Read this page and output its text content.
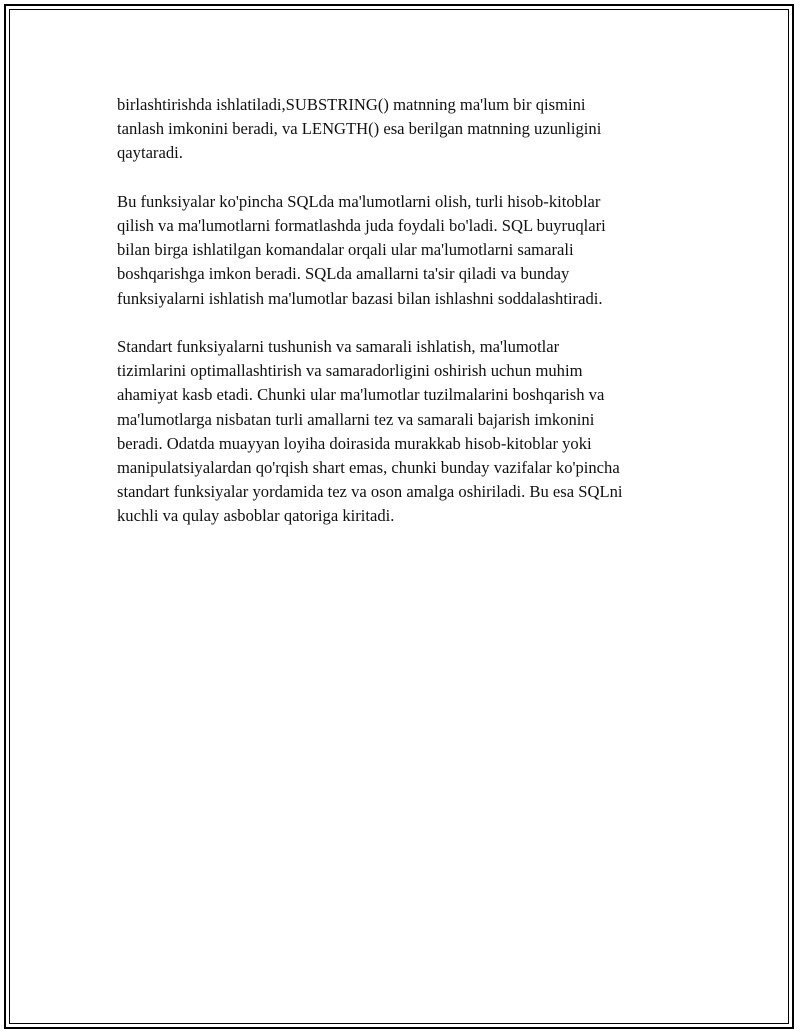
birlashtirishda ishlatiladi,SUBSTRING() matnning ma'lum bir qismini
tanlash imkonini beradi, va LENGTH() esa berilgan matnning uzunligini
qaytaradi.

Bu funksiyalar ko'pincha SQLda ma'lumotlarni olish, turli hisob-kitoblar
qilish va ma'lumotlarni formatlashda juda foydali bo'ladi. SQL buyruqlari
bilan birga ishlatilgan komandalar orqali ular ma'lumotlarni samarali
boshqarishga imkon beradi. SQLda amallarni ta'sir qiladi va bunday
funksiyalarni ishlatish ma'lumotlar bazasi bilan ishlashni soddalashtiradi.

Standart funksiyalarni tushunish va samarali ishlatish, ma'lumotlar
tizimlarini optimallashtirish va samaradorligini oshirish uchun muhim
ahamiyat kasb etadi. Chunki ular ma'lumotlar tuzilmalarini boshqarish va
ma'lumotlarga nisbatan turli amallarni tez va samarali bajarish imkonini
beradi. Odatda muayyan loyiha doirasida murakkab hisob-kitoblar yoki
manipulatsiyalardan qo'rqish shart emas, chunki bunday vazifalar ko'pincha
standart funksiyalar yordamida tez va oson amalga oshiriladi. Bu esa SQLni
kuchli va qulay asboblar qatoriga kiritadi.
